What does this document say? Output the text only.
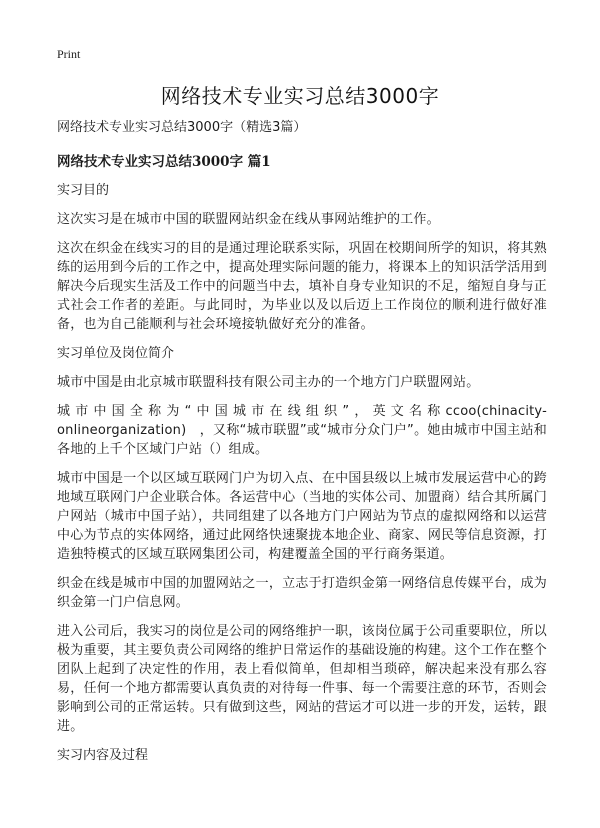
Print
网络技术专业实习总结3000字

网络技术专业实习总结3000字（精选3篇）

网络技术专业实习总结3000字 篇1

实习目的

这次实习是在城市中国的联盟网站织金在线从事网站维护的工作。

这次在织金在线实习的目的是通过理论联系实际，巩固在校期间所学的知识，将其熟练的运用到今后的工作之中，提高处理实际问题的能力，将课本上的知识活学活用到解决今后现实生活及工作中的问题当中去，填补自身专业知识的不足，缩短自身与正式社会工作者的差距。与此同时，为毕业以及以后迈上工作岗位的顺利进行做好准备，也为自己能顺利与社会环境接轨做好充分的准备。

实习单位及岗位简介

城市中国是由北京城市联盟科技有限公司主办的一个地方门户联盟网站。

城市中国全称为“中国城市在线组织”，英文名称ccoo(chinacity-onlineorganization)　，又称“城市联盟”或“城市分众门户”。她由城市中国主站和各地的上千个区域门户站（）组成。

城市中国是一个以区域互联网门户为切入点、在中国县级以上城市发展运营中心的跨地域互联网门户企业联合体。各运营中心（当地的实体公司、加盟商）结合其所属门户网站（城市中国子站），共同组建了以各地方门户网站为节点的虚拟网络和以运营中心为节点的实体网络，通过此网络快速聚拢本地企业、商家、网民等信息资源，打造独特模式的区域互联网集团公司，构建覆盖全国的平行商务渠道。

织金在线是城市中国的加盟网站之一，立志于打造织金第一网络信息传媒平台，成为织金第一门户信息网。

进入公司后，我实习的岗位是公司的网络维护一职，该岗位属于公司重要职位，所以极为重要，其主要负责公司网络的维护日常运作的基础设施的构建。这个工作在整个团队上起到了决定性的作用，表上看似简单，但却相当琐碎，解决起来没有那么容易，任何一个地方都需要认真负责的对待每一件事、每一个需要注意的环节，否则会影响到公司的正常运转。只有做到这些，网站的营运才可以进一步的开发，运转，跟进。

实习内容及过程
